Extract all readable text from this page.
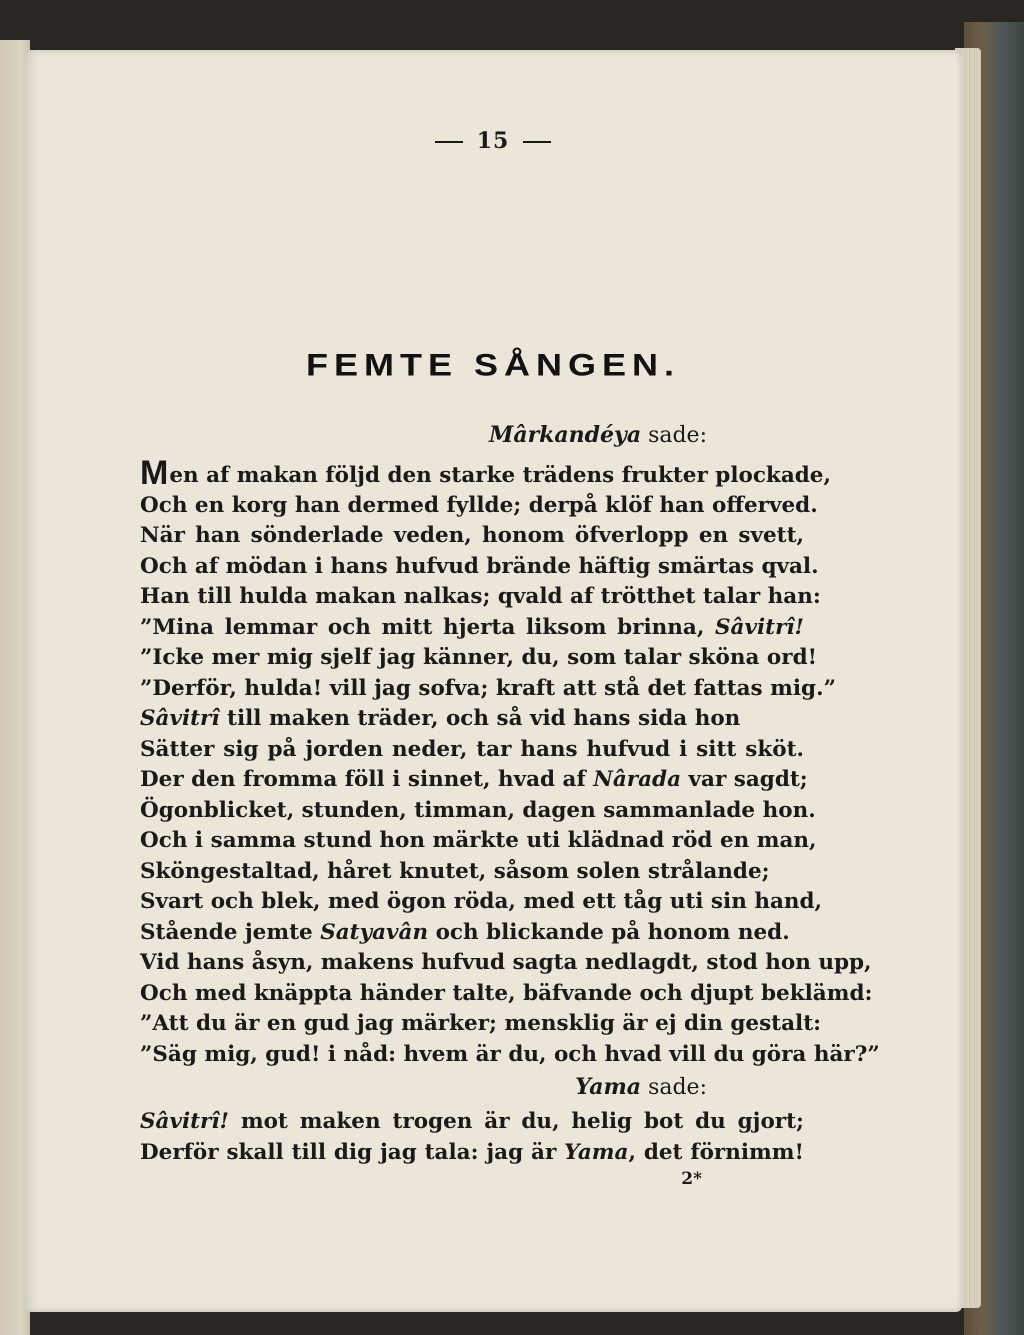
15
FEMTE SÅNGEN.
Mârkandéya sade:
Men af makan följd den starke trädens frukter plockade,
Och en korg han dermed fyllde; derpå klöf han offerved.
När han sönderlade veden, honom öfverlopp en svett,
Och af mödan i hans hufvud brände häftig smärtas qval.
Han till hulda makan nalkas; qvald af trötthet talar han:
”Mina lemmar och mitt hjerta liksom brinna, Sâvitrî!
”Icke mer mig sjelf jag känner, du, som talar sköna ord!
”Derför, hulda! vill jag sofva; kraft att stå det fattas mig.”
Sâvitrî till maken träder, och så vid hans sida hon
Sätter sig på jorden neder, tar hans hufvud i sitt sköt.
Der den fromma föll i sinnet, hvad af Nârada var sagdt;
Ögonblicket, stunden, timman, dagen sammanlade hon.
Och i samma stund hon märkte uti klädnad röd en man,
Sköngestaltad, håret knutet, såsom solen strålande;
Svart och blek, med ögon röda, med ett tåg uti sin hand,
Stående jemte Satyavân och blickande på honom ned.
Vid hans åsyn, makens hufvud sagta nedlagdt, stod hon upp,
Och med knäppta händer talte, bäfvande och djupt beklämd:
”Att du är en gud jag märker; mensklig är ej din gestalt:
”Säg mig, gud! i nåd: hvem är du, och hvad vill du göra här?”
Yama sade:
Sâvitrî! mot maken trogen är du, helig bot du gjort;
Derför skall till dig jag tala: jag är Yama, det förnimm!
2*
